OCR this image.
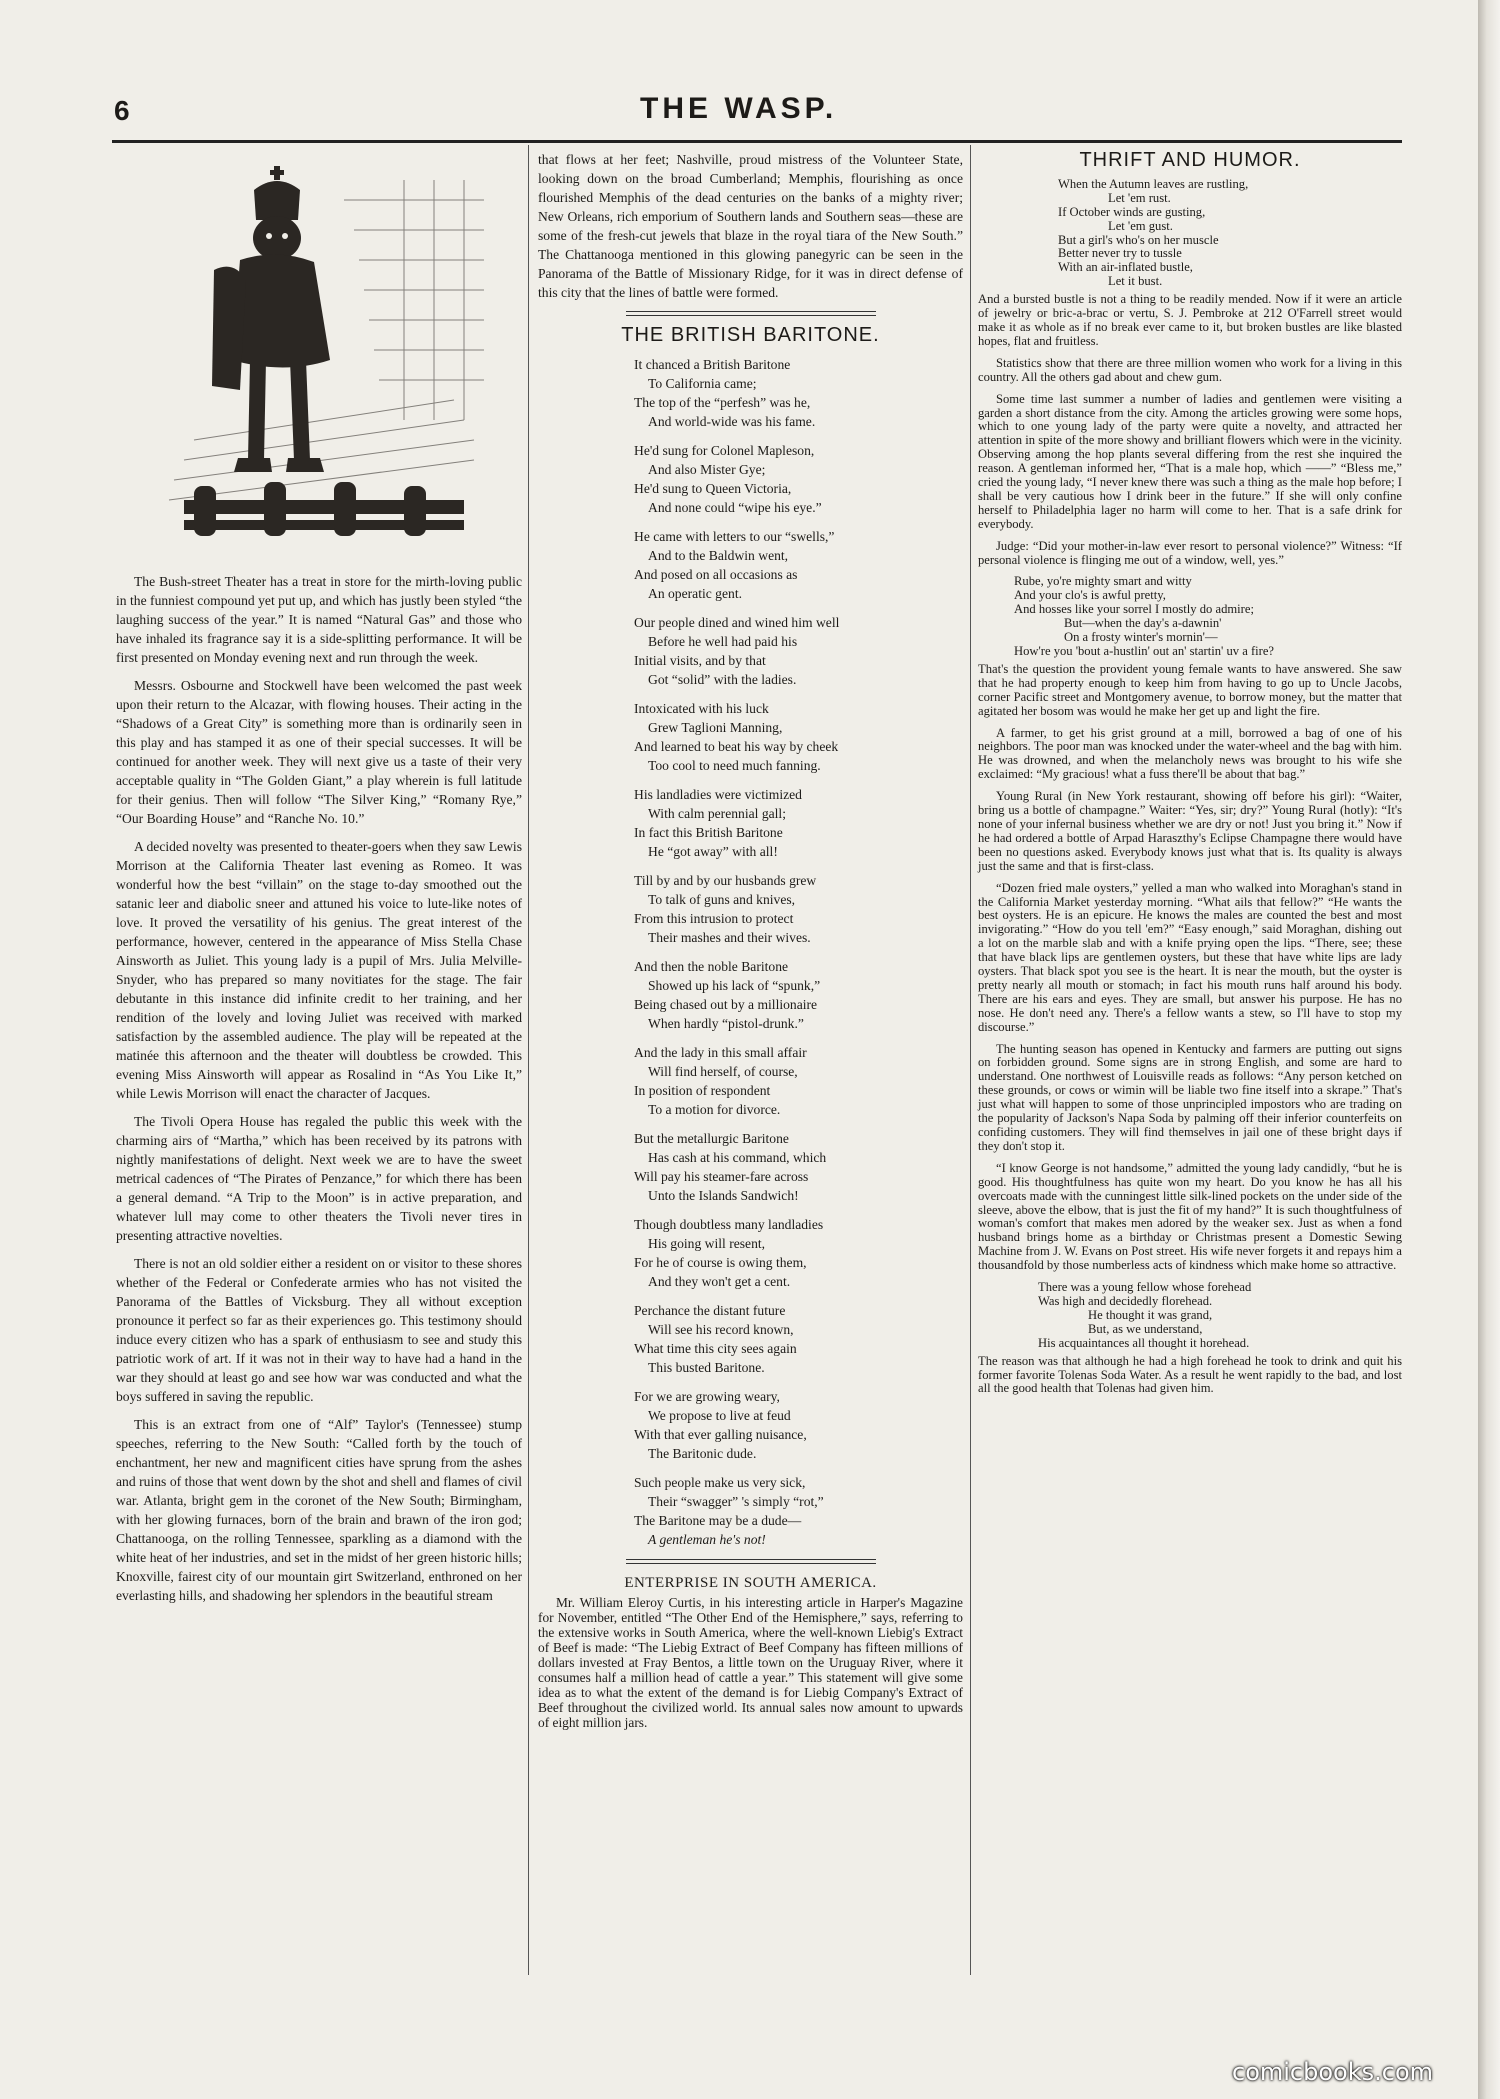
6	THE WASP.

The Bush-street Theater has a treat in store for the mirth-loving public in the funniest compound yet put up, and which has justly been styled “the laughing success of the year.” It is named “Natural Gas” and those who have inhaled its fragrance say it is a side-splitting performance. It will be first presented on Monday evening next and run through the week.

Messrs. Osbourne and Stockwell have been welcomed the past week upon their return to the Alcazar, with flowing houses. Their acting in the “Shadows of a Great City” is something more than is ordinarily seen in this play and has stamped it as one of their special successes. It will be continued for another week. They will next give us a taste of their very acceptable quality in “The Golden Giant,” a play wherein is full latitude for their genius. Then will follow “The Silver King,” “Romany Rye,” “Our Boarding House” and “Ranche No. 10.”

A decided novelty was presented to theater-goers when they saw Lewis Morrison at the California Theater last evening as Romeo. It was wonderful how the best “villain” on the stage to-day smoothed out the satanic leer and diabolic sneer and attuned his voice to lute-like notes of love. It proved the versatility of his genius. The great interest of the performance, however, centered in the appearance of Miss Stella Chase Ainsworth as Juliet. This young lady is a pupil of Mrs. Julia Melville-Snyder, who has prepared so many novitiates for the stage. The fair debutante in this instance did infinite credit to her training, and her rendition of the lovely and loving Juliet was received with marked satisfaction by the assembled audience. The play will be repeated at the matinée this afternoon and the theater will doubtless be crowded. This evening Miss Ainsworth will appear as Rosalind in “As You Like It,” while Lewis Morrison will enact the character of Jacques.

The Tivoli Opera House has regaled the public this week with the charming airs of “Martha,” which has been received by its patrons with nightly manifestations of delight. Next week we are to have the sweet metrical cadences of “The Pirates of Penzance,” for which there has been a general demand. “A Trip to the Moon” is in active preparation, and whatever lull may come to other theaters the Tivoli never tires in presenting attractive novelties.

There is not an old soldier either a resident on or visitor to these shores whether of the Federal or Confederate armies who has not visited the Panorama of the Battles of Vicksburg. They all without exception pronounce it perfect so far as their experiences go. This testimony should induce every citizen who has a spark of enthusiasm to see and study this patriotic work of art. If it was not in their way to have had a hand in the war they should at least go and see how war was conducted and what the boys suffered in saving the republic.

This is an extract from one of “Alf” Taylor's (Tennessee) stump speeches, referring to the New South: “Called forth by the touch of enchantment, her new and magnificent cities have sprung from the ashes and ruins of those that went down by the shot and shell and flames of civil war. Atlanta, bright gem in the coronet of the New South; Birmingham, with her glowing furnaces, born of the brain and brawn of the iron god; Chattanooga, on the rolling Tennessee, sparkling as a diamond with the white heat of her industries, and set in the midst of her green historic hills; Knoxville, fairest city of our mountain girt Switzerland, enthroned on her everlasting hills, and shadowing her splendors in the beautiful stream

that flows at her feet; Nashville, proud mistress of the Volunteer State, looking down on the broad Cumberland; Memphis, flourishing as once flourished Memphis of the dead centuries on the banks of a mighty river; New Orleans, rich emporium of Southern lands and Southern seas—these are some of the fresh-cut jewels that blaze in the royal tiara of the New South.” The Chattanooga mentioned in this glowing panegyric can be seen in the Panorama of the Battle of Missionary Ridge, for it was in direct defense of this city that the lines of battle were formed.

THE BRITISH BARITONE.
It chanced a British Baritone
To California came;
The top of the “perfesh” was he,
And world-wide was his fame.
He'd sung for Colonel Mapleson,
And also Mister Gye;
He'd sung to Queen Victoria,
And none could “wipe his eye.”
He came with letters to our “swells,”
And to the Baldwin went,
And posed on all occasions as
An operatic gent.
Our people dined and wined him well
Before he well had paid his
Initial visits, and by that
Got “solid” with the ladies.
Intoxicated with his luck
Grew Taglioni Manning,
And learned to beat his way by cheek
Too cool to need much fanning.
His landladies were victimized
With calm perennial gall;
In fact this British Baritone
He “got away” with all!
Till by and by our husbands grew
To talk of guns and knives,
From this intrusion to protect
Their mashes and their wives.
And then the noble Baritone
Showed up his lack of “spunk,”
Being chased out by a millionaire
When hardly “pistol-drunk.”
And the lady in this small affair
Will find herself, of course,
In position of respondent
To a motion for divorce.
But the metallurgic Baritone
Has cash at his command, which
Will pay his steamer-fare across
Unto the Islands Sandwich!
Though doubtless many landladies
His going will resent,
For he of course is owing them,
And they won't get a cent.
Perchance the distant future
Will see his record known,
What time this city sees again
This busted Baritone.
For we are growing weary,
We propose to live at feud
With that ever galling nuisance,
The Baritonic dude.
Such people make us very sick,
Their “swagger” 's simply “rot,”
The Baritone may be a dude—
A gentleman he's not!
ENTERPRISE IN SOUTH AMERICA.

Mr. William Eleroy Curtis, in his interesting article in Harper's Magazine for November, entitled “The Other End of the Hemisphere,” says, referring to the extensive works in South America, where the well-known Liebig's Extract of Beef is made: “The Liebig Extract of Beef Company has fifteen millions of dollars invested at Fray Bentos, a little town on the Uruguay River, where it consumes half a million head of cattle a year.” This statement will give some idea as to what the extent of the demand is for Liebig Company's Extract of Beef throughout the civilized world. Its annual sales now amount to upwards of eight million jars.

THRIFT AND HUMOR.
When the Autumn leaves are rustling,
Let 'em rust.
If October winds are gusting,
Let 'em gust.
But a girl's who's on her muscle
Better never try to tussle
With an air-inflated bustle,
Let it bust.

And a bursted bustle is not a thing to be readily mended. Now if it were an article of jewelry or bric-a-brac or vertu, S. J. Pembroke at 212 O'Farrell street would make it as whole as if no break ever came to it, but broken bustles are like blasted hopes, flat and fruitless.

Statistics show that there are three million women who work for a living in this country. All the others gad about and chew gum.

Some time last summer a number of ladies and gentlemen were visiting a garden a short distance from the city. Among the articles growing were some hops, which to one young lady of the party were quite a novelty, and attracted her attention in spite of the more showy and brilliant flowers which were in the vicinity. Observing among the hop plants several differing from the rest she inquired the reason. A gentleman informed her, “That is a male hop, which ——” “Bless me,” cried the young lady, “I never knew there was such a thing as the male hop before; I shall be very cautious how I drink beer in the future.” If she will only confine herself to Philadelphia lager no harm will come to her. That is a safe drink for everybody.

Judge: “Did your mother-in-law ever resort to personal violence?” Witness: “If personal violence is flinging me out of a window, well, yes.”

Rube, yo're mighty smart and witty
And your clo's is awful pretty,
And hosses like your sorrel I mostly do admire;
But—when the day's a-dawnin'
On a frosty winter's mornin'—
How're you 'bout a-hustlin' out an' startin' uv a fire?

That's the question the provident young female wants to have answered. She saw that he had property enough to keep him from having to go up to Uncle Jacobs, corner Pacific street and Montgomery avenue, to borrow money, but the matter that agitated her bosom was would he make her get up and light the fire.

A farmer, to get his grist ground at a mill, borrowed a bag of one of his neighbors. The poor man was knocked under the water-wheel and the bag with him. He was drowned, and when the melancholy news was brought to his wife she exclaimed: “My gracious! what a fuss there'll be about that bag.”

Young Rural (in New York restaurant, showing off before his girl): “Waiter, bring us a bottle of champagne.” Waiter: “Yes, sir; dry?” Young Rural (hotly): “It's none of your infernal business whether we are dry or not! Just you bring it.” Now if he had ordered a bottle of Arpad Haraszthy's Eclipse Champagne there would have been no questions asked. Everybody knows just what that is. Its quality is always just the same and that is first-class.

“Dozen fried male oysters,” yelled a man who walked into Moraghan's stand in the California Market yesterday morning. “What ails that fellow?” “He wants the best oysters. He is an epicure. He knows the males are counted the best and most invigorating.” “How do you tell 'em?” “Easy enough,” said Moraghan, dishing out a lot on the marble slab and with a knife prying open the lips. “There, see; these that have black lips are gentlemen oysters, but these that have white lips are lady oysters. That black spot you see is the heart. It is near the mouth, but the oyster is pretty nearly all mouth or stomach; in fact his mouth runs half around his body. There are his ears and eyes. They are small, but answer his purpose. He has no nose. He don't need any. There's a fellow wants a stew, so I'll have to stop my discourse.”

The hunting season has opened in Kentucky and farmers are putting out signs on forbidden ground. Some signs are in strong English, and some are hard to understand. One northwest of Louisville reads as follows: “Any person ketched on these grounds, or cows or wimin will be liable two fine itself into a skrape.” That's just what will happen to some of those unprincipled impostors who are trading on the popularity of Jackson's Napa Soda by palming off their inferior counterfeits on confiding customers. They will find themselves in jail one of these bright days if they don't stop it.

“I know George is not handsome,” admitted the young lady candidly, “but he is good. His thoughtfulness has quite won my heart. Do you know he has all his overcoats made with the cunningest little silk-lined pockets on the under side of the sleeve, above the elbow, that is just the fit of my hand?” It is such thoughtfulness of woman's comfort that makes men adored by the weaker sex. Just as when a fond husband brings home as a birthday or Christmas present a Domestic Sewing Machine from J. W. Evans on Post street. His wife never forgets it and repays him a thousandfold by those numberless acts of kindness which make home so attractive.

There was a young fellow whose forehead
Was high and decidedly florehead.
He thought it was grand,
But, as we understand,
His acquaintances all thought it horehead.

The reason was that although he had a high forehead he took to drink and quit his former favorite Tolenas Soda Water. As a result he went rapidly to the bad, and lost all the good health that Tolenas had given him.

comicbooks.com
